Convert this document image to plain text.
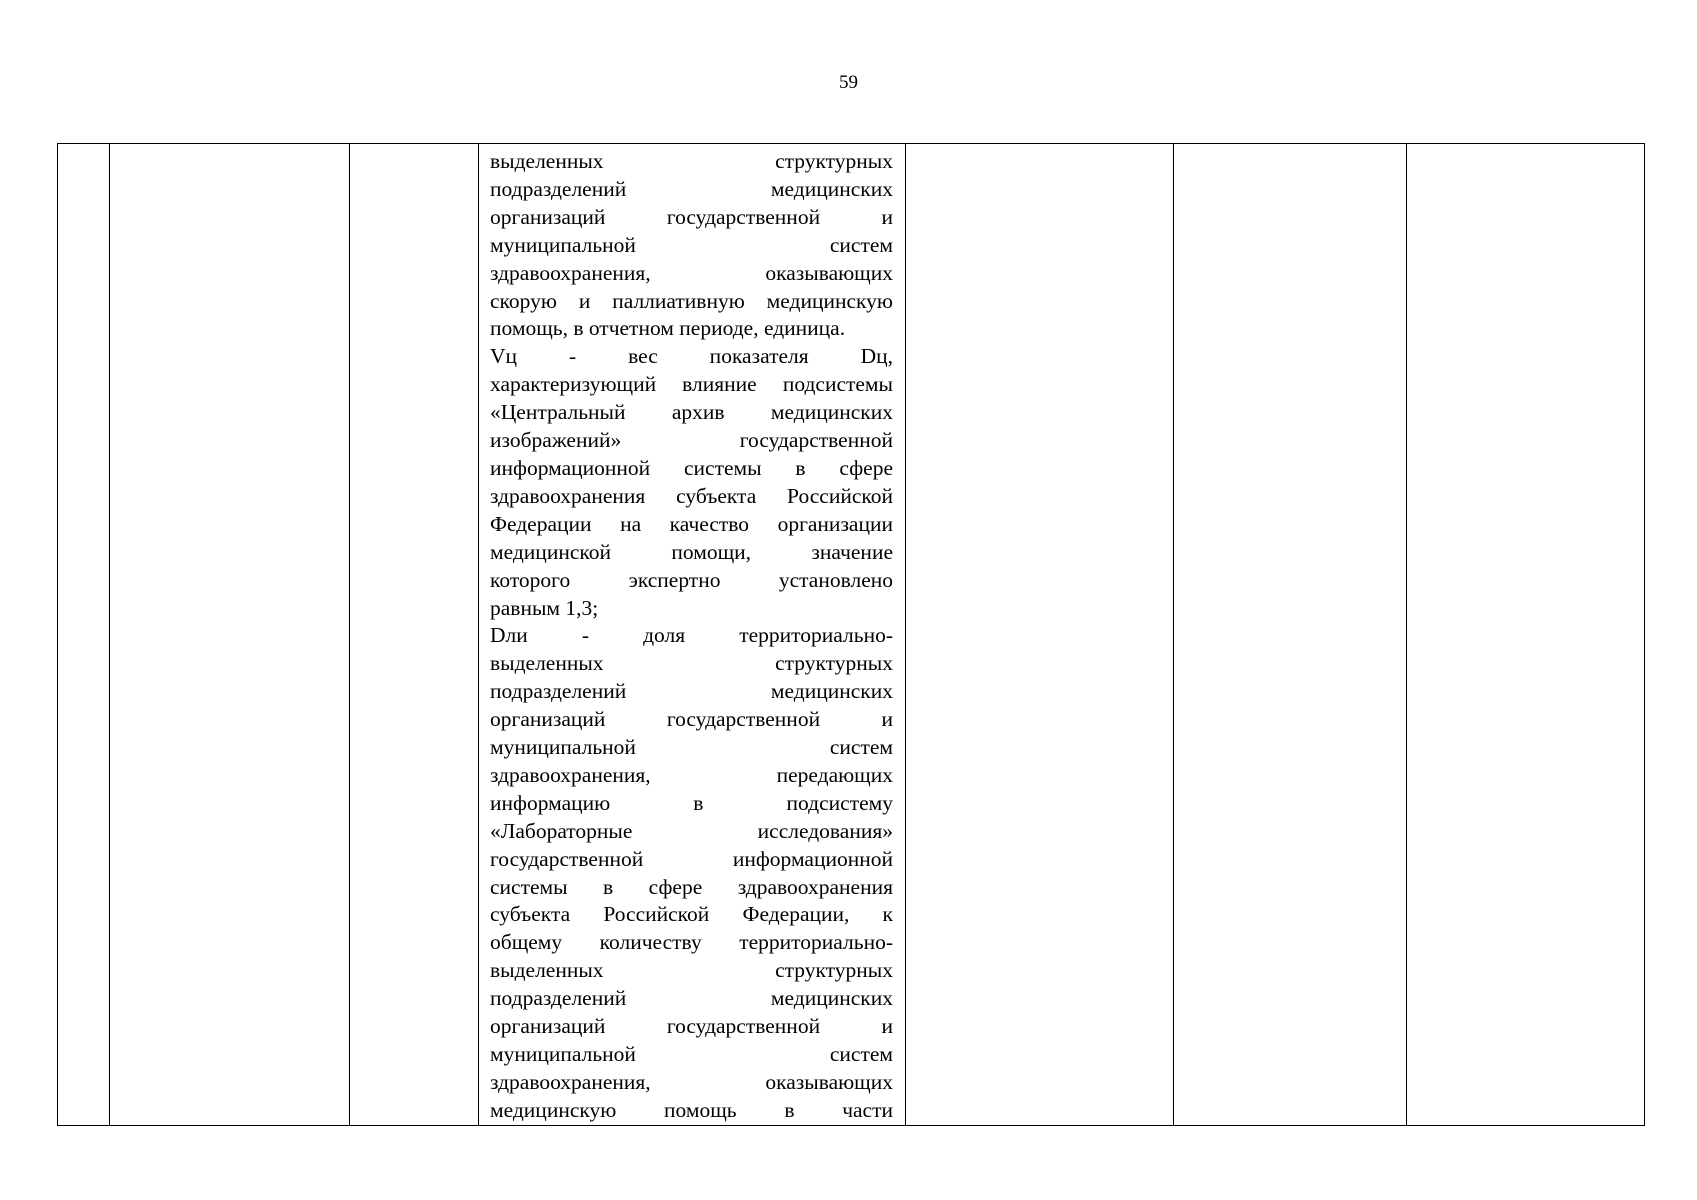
59

выделенных структурных

подразделений медицинских

организаций государственной и

муниципальной систем

здравоохранения, оказывающих

скорую и паллиативную медицинскую

помощь, в отчетном периоде, единица.

Vц - вес показателя Dц,

характеризующий влияние подсистемы

«Центральный архив медицинских

изображений» государственной

информационной системы в сфере

здравоохранения субъекта Российской

Федерации на качество организации

медицинской помощи, значение

которого экспертно установлено

равным 1,3;

Dли - доля территориально-

выделенных структурных

подразделений медицинских

организаций государственной и

муниципальной систем

здравоохранения, передающих

информацию в подсистему

«Лабораторные исследования»

государственной информационной

системы в сфере здравоохранения

субъекта Российской Федерации, к

общему количеству территориально-

выделенных структурных

подразделений медицинских

организаций государственной и

муниципальной систем

здравоохранения, оказывающих

медицинскую помощь в части
